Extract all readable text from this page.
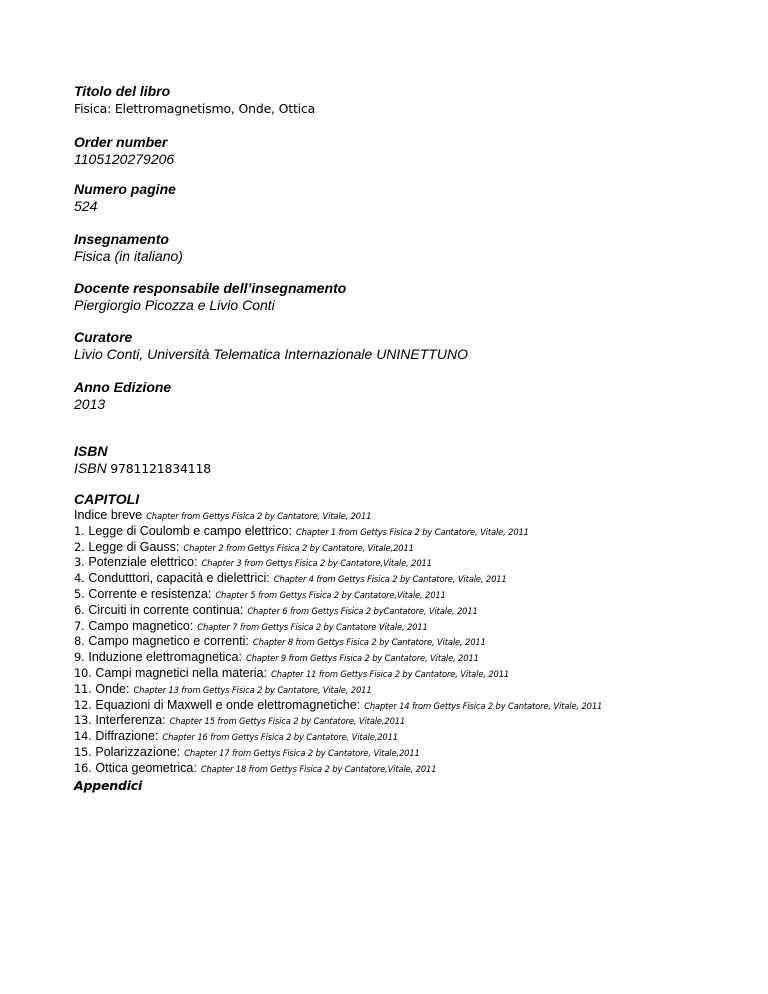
Titolo del libro
Fisica: Elettromagnetismo, Onde, Ottica
Order number
1105120279206
Numero pagine
524
Insegnamento
Fisica (in italiano)
Docente responsabile dell’insegnamento
Piergiorgio Picozza e Livio Conti
Curatore
Livio Conti, Università Telematica Internazionale UNINETTUNO
Anno Edizione
2013
ISBN
ISBN 9781121834118
CAPITOLI
Indice breve Chapter from Gettys Fisica 2 by Cantatore, Vitale, 2011
1. Legge di Coulomb e campo elettrico: Chapter 1 from Gettys Fisica 2 by Cantatore, Vitale, 2011
2. Legge di Gauss: Chapter 2 from Gettys Fisica 2 by Cantatore, Vitale,2011
3. Potenziale elettrico: Chapter 3 from Gettys Fisica 2 by Cantatore,Vitale, 2011
4. Condutttori, capacità e dielettrici: Chapter 4 from Gettys Fisica 2 by Cantatore, Vitale, 2011
5. Corrente e resistenza: Chapter 5 from Gettys Fisica 2 by Cantatore,Vitale, 2011
6. Circuiti in corrente continua: Chapter 6 from Gettys Fisica 2 byCantatore, Vitale, 2011
7. Campo magnetico: Chapter 7 from Gettys Fisica 2 by Cantatore Vitale, 2011
8. Campo magnetico e correnti: Chapter 8 from Gettys Fisica 2 by Cantatore, Vitale, 2011
9. Induzione elettromagnetica: Chapter 9 from Gettys Fisica 2 by Cantatore, Vitale, 2011
10. Campi magnetici nella materia: Chapter 11 from Gettys Fisica 2 by Cantatore, Vitale, 2011
11. Onde: Chapter 13 from Gettys Fisica 2 by Cantatore, Vitale, 2011
12. Equazioni di Maxwell e onde elettromagnetiche: Chapter 14 from Gettys Fisica 2 by Cantatore, Vitale, 2011
13. Interferenza: Chapter 15 from Gettys Fisica 2 by Cantatore, Vitale,2011
14. Diffrazione: Chapter 16 from Gettys Fisica 2 by Cantatore, Vitale,2011
15. Polarizzazione: Chapter 17 from Gettys Fisica 2 by Cantatore, Vitale,2011
16. Ottica geometrica: Chapter 18 from Gettys Fisica 2 by Cantatore,Vitale, 2011
Appendici
